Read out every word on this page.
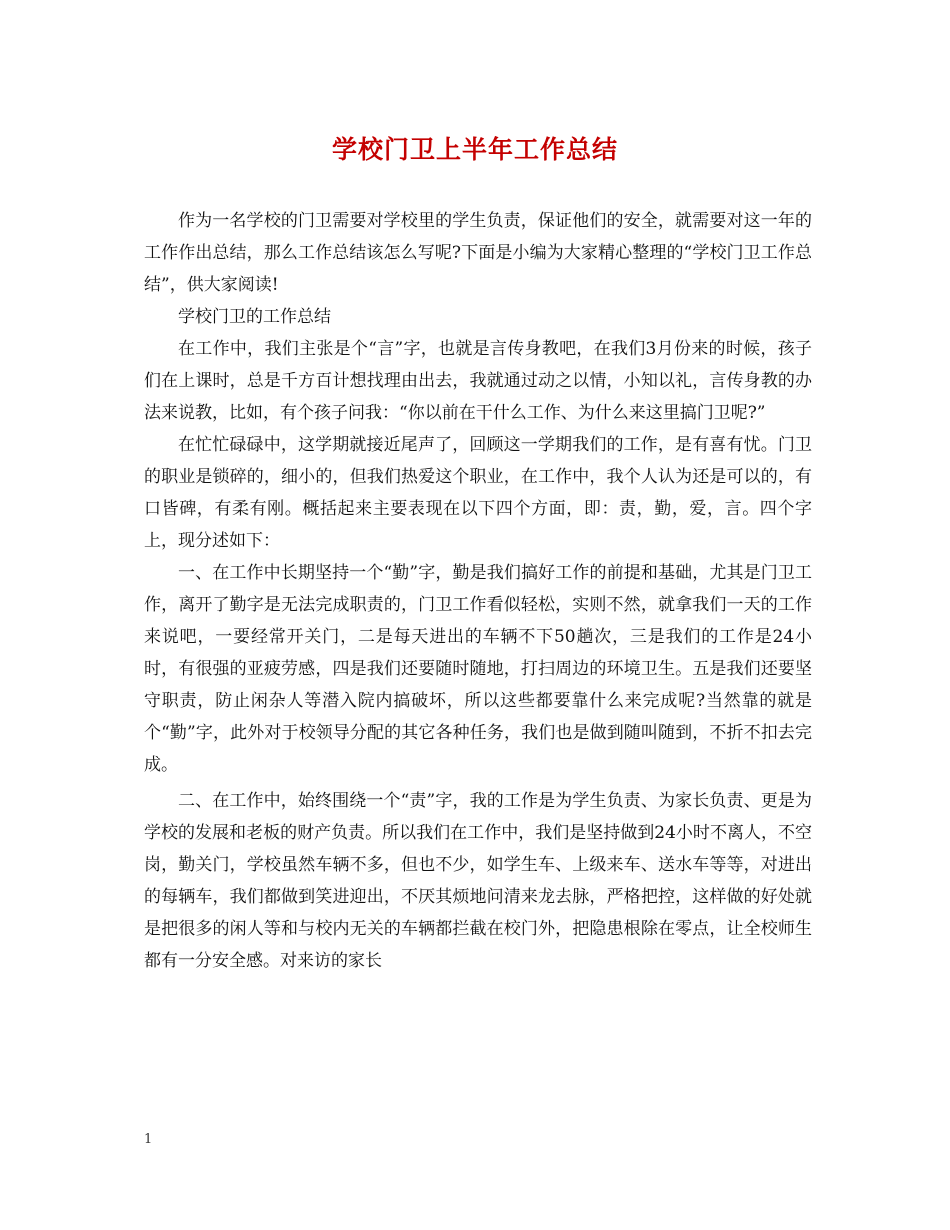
学校门卫上半年工作总结

作为一名学校的门卫需要对学校里的学生负责，保证他们的安全，就需要对这一年的工作作出总结，那么工作总结该怎么写呢?下面是小编为大家精心整理的“学校门卫工作总结”，供大家阅读!

学校门卫的工作总结

在工作中，我们主张是个“言”字，也就是言传身教吧，在我们3月份来的时候，孩子们在上课时，总是千方百计想找理由出去，我就通过动之以情，小知以礼，言传身教的办法来说教，比如，有个孩子问我：“你以前在干什么工作、为什么来这里搞门卫呢?”

在忙忙碌碌中，这学期就接近尾声了，回顾这一学期我们的工作，是有喜有忧。门卫的职业是锁碎的，细小的，但我们热爱这个职业，在工作中，我个人认为还是可以的，有口皆碑，有柔有刚。概括起来主要表现在以下四个方面，即：责，勤，爱，言。四个字上，现分述如下：

一、在工作中长期坚持一个“勤”字，勤是我们搞好工作的前提和基础，尤其是门卫工作，离开了勤字是无法完成职责的，门卫工作看似轻松，实则不然，就拿我们一天的工作来说吧，一要经常开关门，二是每天进出的车辆不下50趟次，三是我们的工作是24小时，有很强的亚疲劳感，四是我们还要随时随地，打扫周边的环境卫生。五是我们还要坚守职责，防止闲杂人等潜入院内搞破坏，所以这些都要靠什么来完成呢?当然靠的就是个“勤”字，此外对于校领导分配的其它各种任务，我们也是做到随叫随到，不折不扣去完成。

二、在工作中，始终围绕一个“责”字，我的工作是为学生负责、为家长负责、更是为学校的发展和老板的财产负责。所以我们在工作中，我们是坚持做到24小时不离人，不空岗，勤关门，学校虽然车辆不多，但也不少，如学生车、上级来车、送水车等等，对进出的每辆车，我们都做到笑进迎出，不厌其烦地问清来龙去脉，严格把控，这样做的好处就是把很多的闲人等和与校内无关的车辆都拦截在校门外，把隐患根除在零点，让全校师生都有一分安全感。对来访的家长

1
